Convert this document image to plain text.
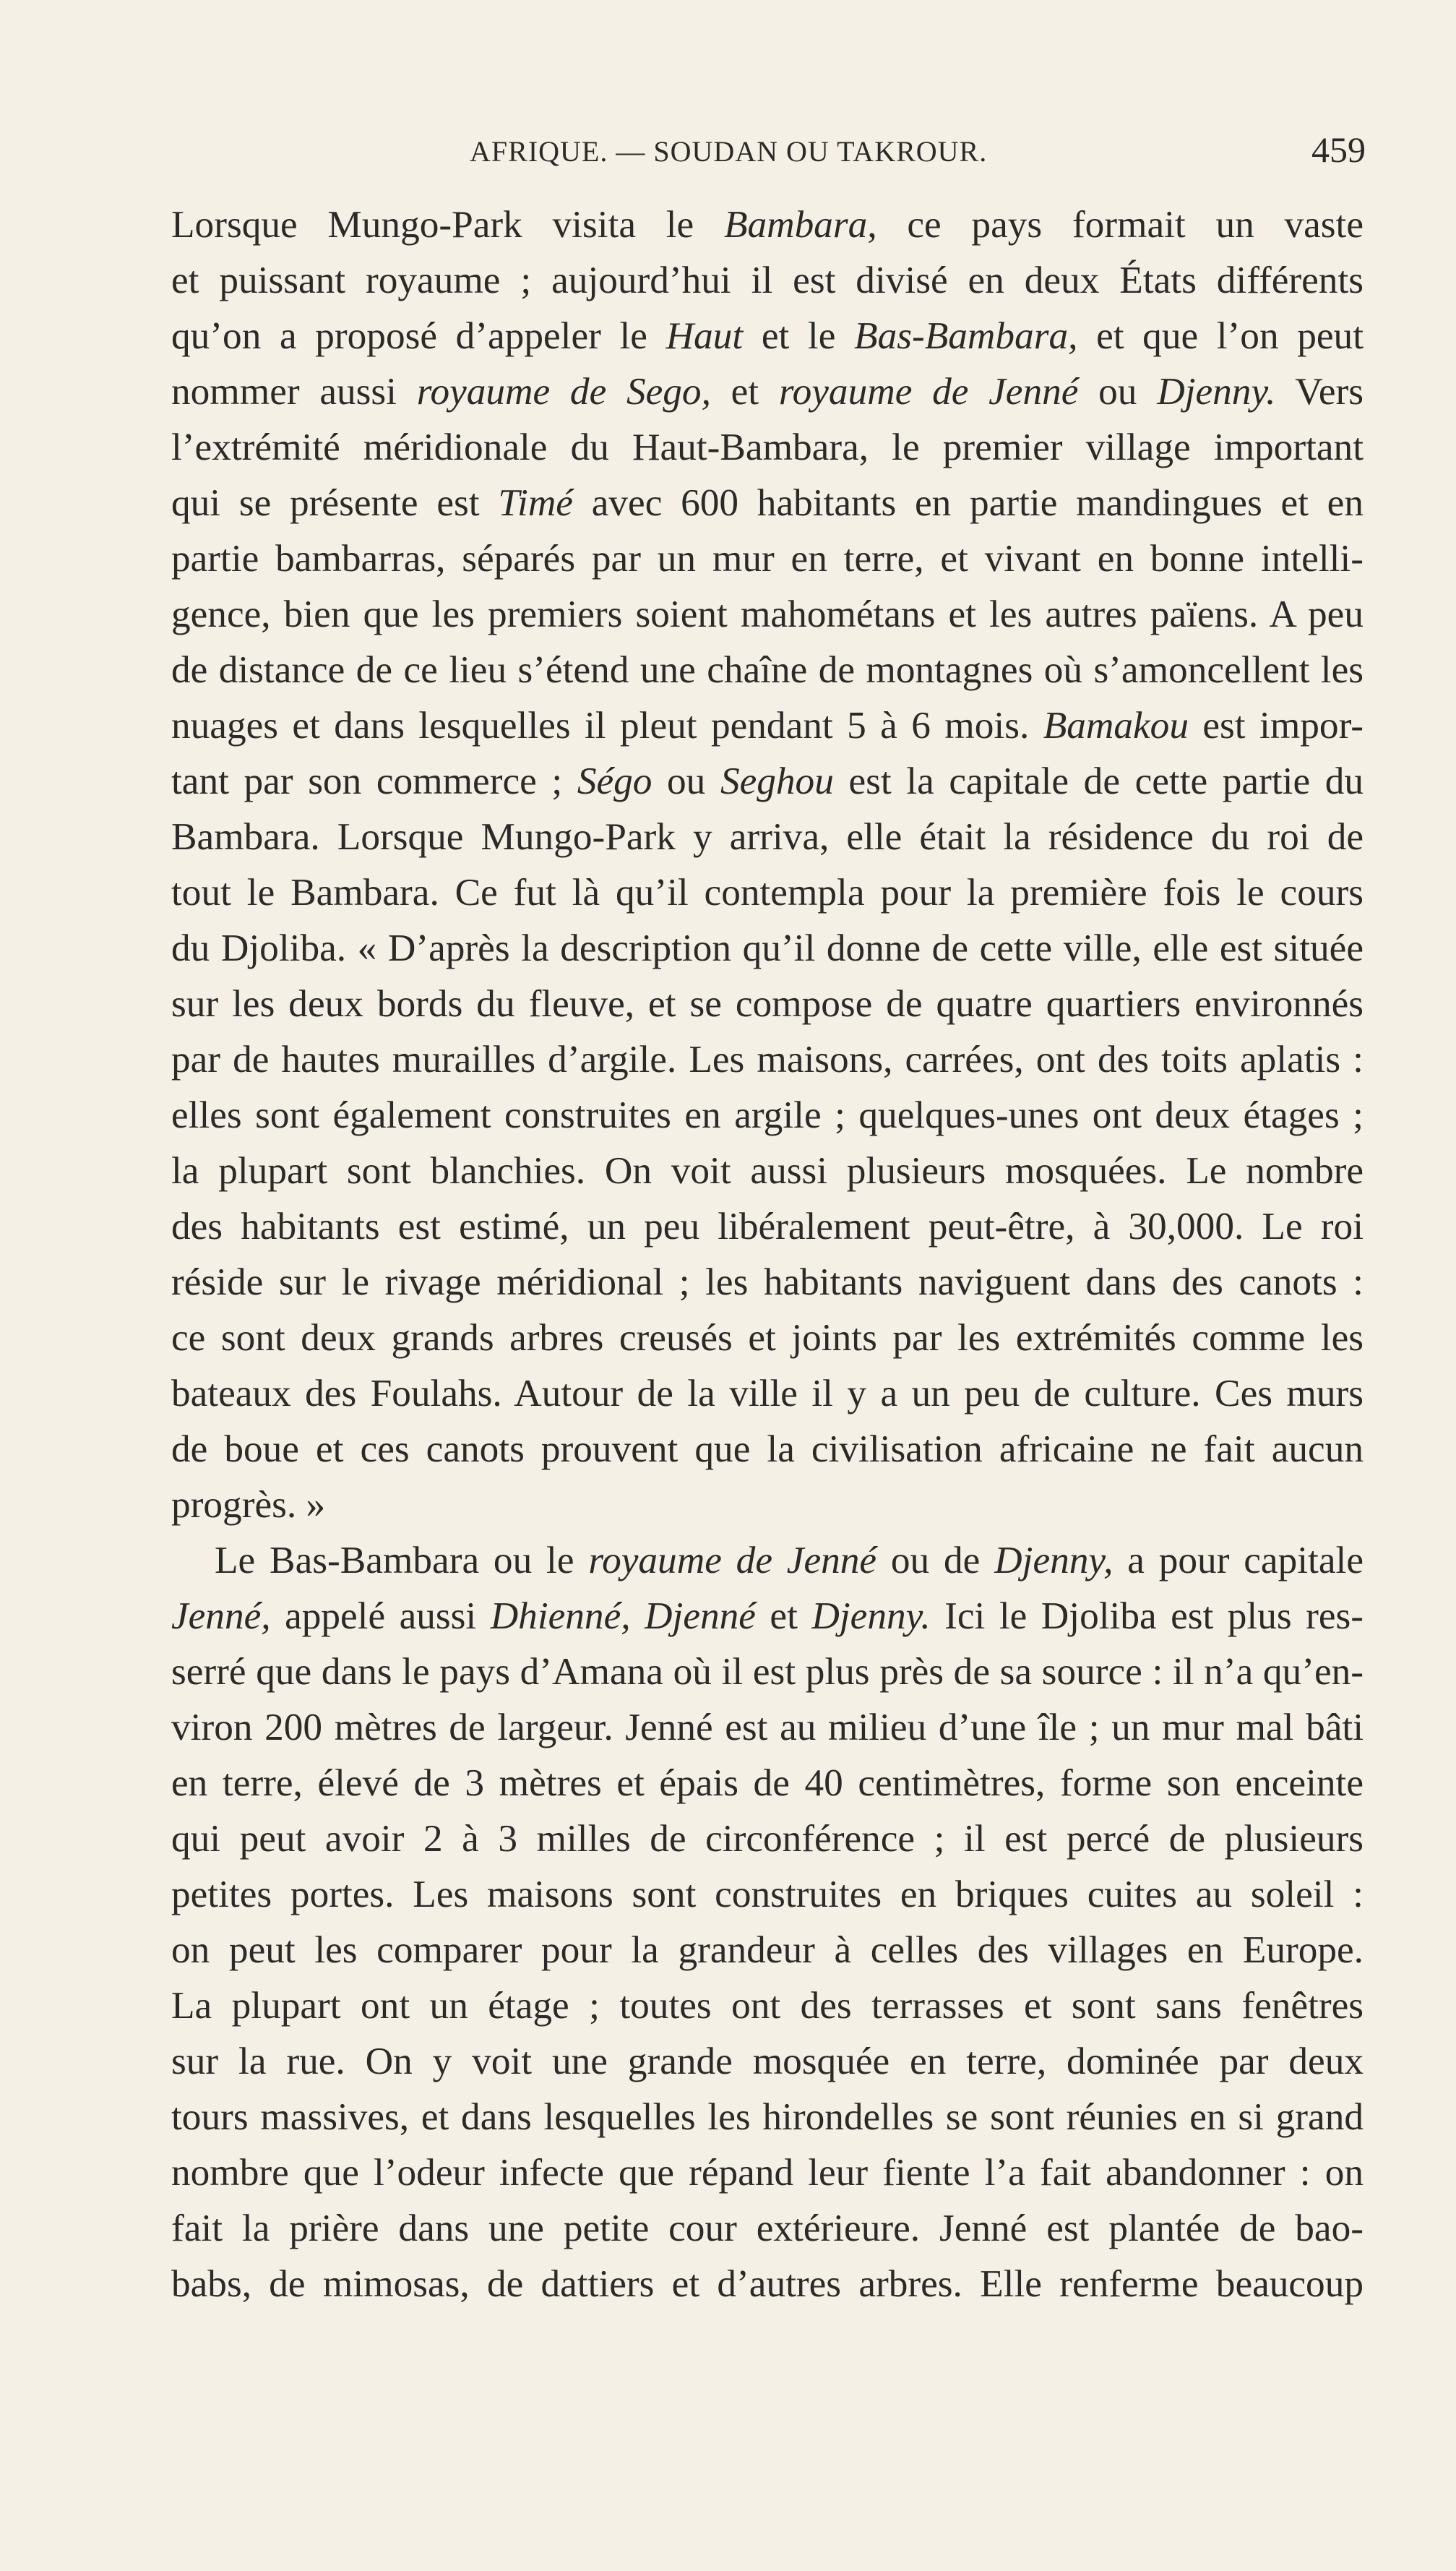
AFRIQUE. — SOUDAN OU TAKROUR.	459
Lorsque Mungo-Park visita le Bambara, ce pays formait un vaste
et puissant royaume ; aujourd’hui il est divisé en deux États différents
qu’on a proposé d’appeler le Haut et le Bas-Bambara, et que l’on peut
nommer aussi royaume de Sego, et royaume de Jenné ou Djenny. Vers
l’extrémité méridionale du Haut-Bambara, le premier village important
qui se présente est Timé avec 600 habitants en partie mandingues et en
partie bambarras, séparés par un mur en terre, et vivant en bonne intelli-
gence, bien que les premiers soient mahométans et les autres païens. A peu
de distance de ce lieu s’étend une chaîne de montagnes où s’amoncellent les
nuages et dans lesquelles il pleut pendant 5 à 6 mois. Bamakou est impor-
tant par son commerce ; Ségo ou Seghou est la capitale de cette partie du
Bambara. Lorsque Mungo-Park y arriva, elle était la résidence du roi de
tout le Bambara. Ce fut là qu’il contempla pour la première fois le cours
du Djoliba. « D’après la description qu’il donne de cette ville, elle est située
sur les deux bords du fleuve, et se compose de quatre quartiers environnés
par de hautes murailles d’argile. Les maisons, carrées, ont des toits aplatis :
elles sont également construites en argile ; quelques-unes ont deux étages ;
la plupart sont blanchies. On voit aussi plusieurs mosquées. Le nombre
des habitants est estimé, un peu libéralement peut-être, à 30,000. Le roi
réside sur le rivage méridional ; les habitants naviguent dans des canots :
ce sont deux grands arbres creusés et joints par les extrémités comme les
bateaux des Foulahs. Autour de la ville il y a un peu de culture. Ces murs
de boue et ces canots prouvent que la civilisation africaine ne fait aucun
progrès. »
Le Bas-Bambara ou le royaume de Jenné ou de Djenny, a pour capitale
Jenné, appelé aussi Dhienné, Djenné et Djenny. Ici le Djoliba est plus res-
serré que dans le pays d’Amana où il est plus près de sa source : il n’a qu’en-
viron 200 mètres de largeur. Jenné est au milieu d’une île ; un mur mal bâti
en terre, élevé de 3 mètres et épais de 40 centimètres, forme son enceinte
qui peut avoir 2 à 3 milles de circonférence ; il est percé de plusieurs
petites portes. Les maisons sont construites en briques cuites au soleil :
on peut les comparer pour la grandeur à celles des villages en Europe.
La plupart ont un étage ; toutes ont des terrasses et sont sans fenêtres
sur la rue. On y voit une grande mosquée en terre, dominée par deux
tours massives, et dans lesquelles les hirondelles se sont réunies en si grand
nombre que l’odeur infecte que répand leur fiente l’a fait abandonner : on
fait la prière dans une petite cour extérieure. Jenné est plantée de bao-
babs, de mimosas, de dattiers et d’autres arbres. Elle renferme beaucoup
